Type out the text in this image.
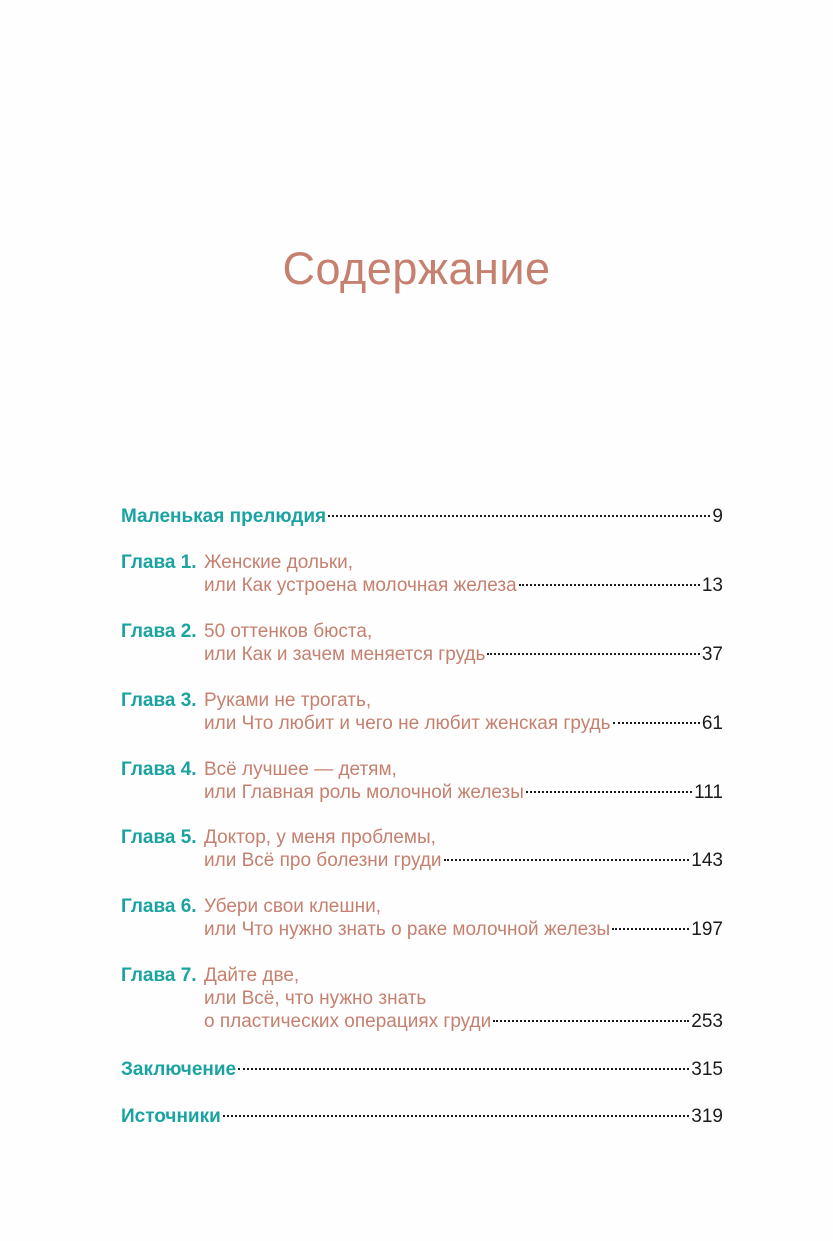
Содержание
Маленькая прелюдия	9
Глава 1. Женские дольки,
или Как устроена молочная железа	13
Глава 2. 50 оттенков бюста,
или Как и зачем меняется грудь	37
Глава 3. Руками не трогать,
или Что любит и чего не любит женская грудь	61
Глава 4. Всё лучшее — детям,
или Главная роль молочной железы	111
Глава 5. Доктор, у меня проблемы,
или Всё про болезни груди	143
Глава 6. Убери свои клешни,
или Что нужно знать о раке молочной железы	197
Глава 7. Дайте две,
или Всё, что нужно знать
о пластических операциях груди	253
Заключение	315
Источники	319
